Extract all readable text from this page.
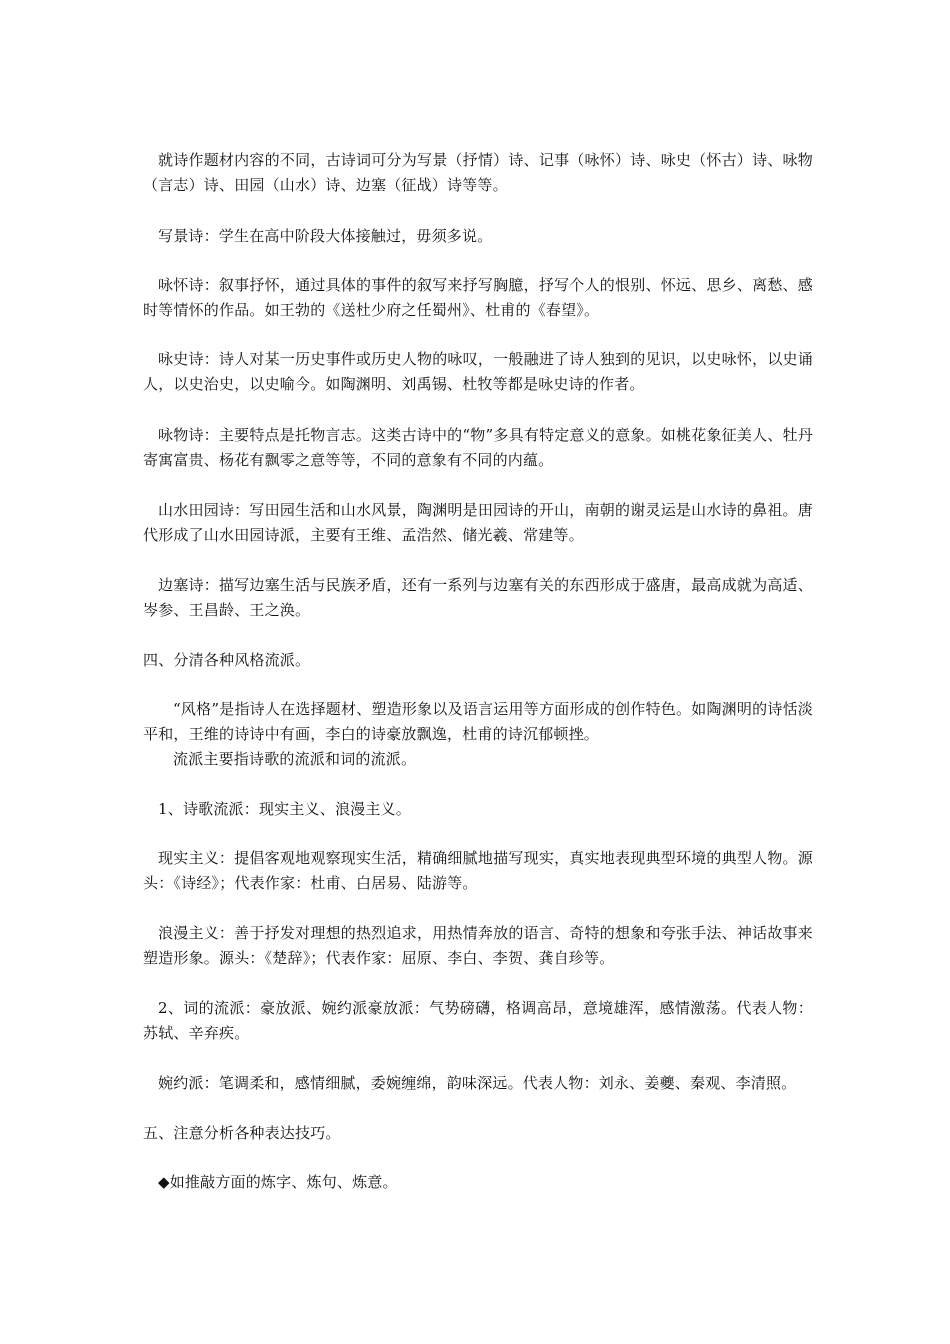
就诗作题材内容的不同，古诗词可分为写景（抒情）诗、记事（咏怀）诗、咏史（怀古）诗、咏物（言志）诗、田园（山水）诗、边塞（征战）诗等等。

写景诗：学生在高中阶段大体接触过，毋须多说。

咏怀诗：叙事抒怀，通过具体的事件的叙写来抒写胸臆，抒写个人的恨别、怀远、思乡、离愁、感时等情怀的作品。如王勃的《送杜少府之任蜀州》、杜甫的《春望》。

咏史诗：诗人对某一历史事件或历史人物的咏叹，一般融进了诗人独到的见识，以史咏怀，以史诵人，以史治史，以史喻今。如陶渊明、刘禹锡、杜牧等都是咏史诗的作者。

咏物诗：主要特点是托物言志。这类古诗中的“物”多具有特定意义的意象。如桃花象征美人、牡丹寄寓富贵、杨花有飘零之意等等，不同的意象有不同的内蕴。

山水田园诗：写田园生活和山水风景，陶渊明是田园诗的开山，南朝的谢灵运是山水诗的鼻祖。唐代形成了山水田园诗派，主要有王维、孟浩然、储光羲、常建等。

边塞诗：描写边塞生活与民族矛盾，还有一系列与边塞有关的东西形成于盛唐，最高成就为高适、岑参、王昌龄、王之涣。

四、分清各种风格流派。

“风格”是指诗人在选择题材、塑造形象以及语言运用等方面形成的创作特色。如陶渊明的诗恬淡平和，王维的诗诗中有画，李白的诗豪放飘逸，杜甫的诗沉郁顿挫。

流派主要指诗歌的流派和词的流派。

1、诗歌流派：现实主义、浪漫主义。

现实主义：提倡客观地观察现实生活，精确细腻地描写现实，真实地表现典型环境的典型人物。源头：《诗经》；代表作家：杜甫、白居易、陆游等。

浪漫主义：善于抒发对理想的热烈追求，用热情奔放的语言、奇特的想象和夸张手法、神话故事来塑造形象。源头：《楚辞》；代表作家：屈原、李白、李贺、龚自珍等。

2、词的流派：豪放派、婉约派豪放派：气势磅礴，格调高昂，意境雄浑，感情激荡。代表人物：苏轼、辛弃疾。

婉约派：笔调柔和，感情细腻，委婉缠绵，韵味深远。代表人物：刘永、姜夔、秦观、李清照。

五、注意分析各种表达技巧。

◆如推敲方面的炼字、炼句、炼意。
